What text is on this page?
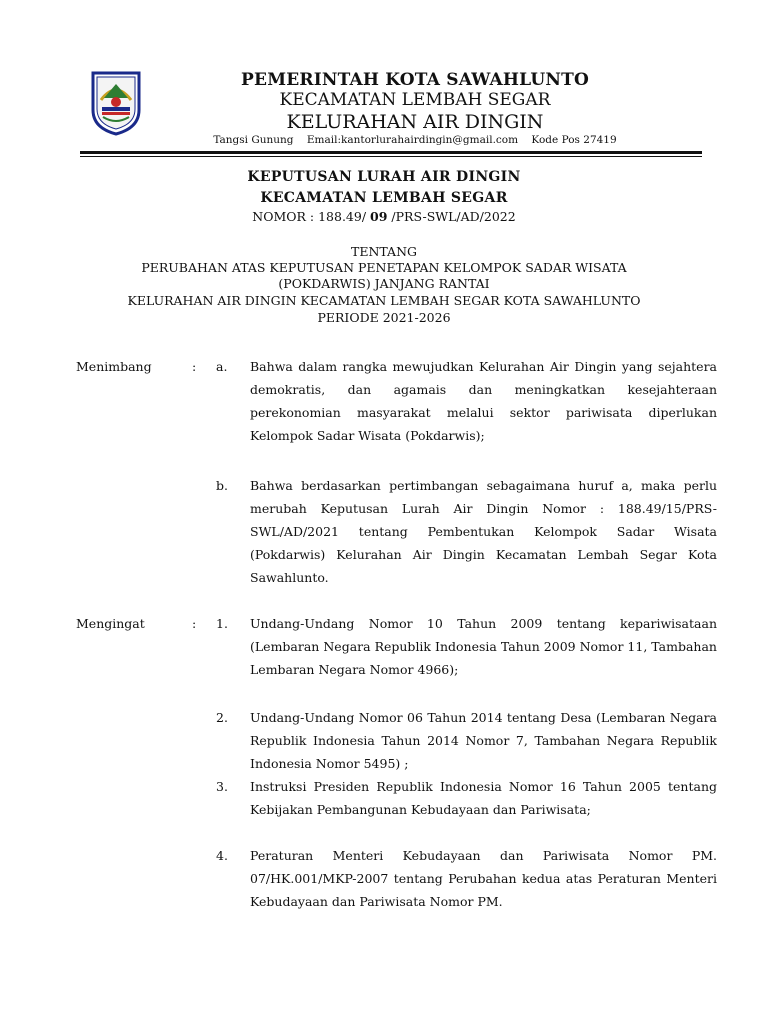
PEMERINTAH KOTA SAWAHLUNTO
KECAMATAN LEMBAH SEGAR
KELURAHAN AIR DINGIN
Tangsi Gunung Email:kantorlurahairdingin@gmail.com Kode Pos 27419
KEPUTUSAN LURAH AIR DINGIN
KECAMATAN LEMBAH SEGAR
NOMOR : 188.49/ 09 /PRS-SWL/AD/2022
TENTANG
PERUBAHAN ATAS KEPUTUSAN PENETAPAN KELOMPOK SADAR WISATA
(POKDARWIS) JANJANG RANTAI
KELURAHAN AIR DINGIN KECAMATAN LEMBAH SEGAR KOTA SAWAHLUNTO
PERIODE 2021-2026
Menimbang	: a. Bahwa dalam rangka mewujudkan Kelurahan Air Dingin yang sejahtera demokratis, dan agamais dan meningkatkan kesejahteraan perekonomian masyarakat melalui sektor pariwisata diperlukan Kelompok Sadar Wisata (Pokdarwis);
b. Bahwa berdasarkan pertimbangan sebagaimana huruf a, maka perlu merubah Keputusan Lurah Air Dingin Nomor : 188.49/15/PRS-SWL/AD/2021 tentang Pembentukan Kelompok Sadar Wisata (Pokdarwis) Kelurahan Air Dingin Kecamatan Lembah Segar Kota Sawahlunto.
Mengingat	: 1. Undang-Undang Nomor 10 Tahun 2009 tentang kepariwisataan (Lembaran Negara Republik Indonesia Tahun 2009 Nomor 11, Tambahan Lembaran Negara Nomor 4966);
2. Undang-Undang Nomor 06 Tahun 2014 tentang Desa (Lembaran Negara Republik Indonesia Tahun 2014 Nomor 7, Tambahan Negara Republik Indonesia Nomor 5495) ;
3. Instruksi Presiden Republik Indonesia Nomor 16 Tahun 2005 tentang Kebijakan Pembangunan Kebudayaan dan Pariwisata;
4. Peraturan Menteri Kebudayaan dan Pariwisata Nomor PM. 07/HK.001/MKP-2007 tentang Perubahan kedua atas Peraturan Menteri Kebudayaan dan Pariwisata Nomor PM.
